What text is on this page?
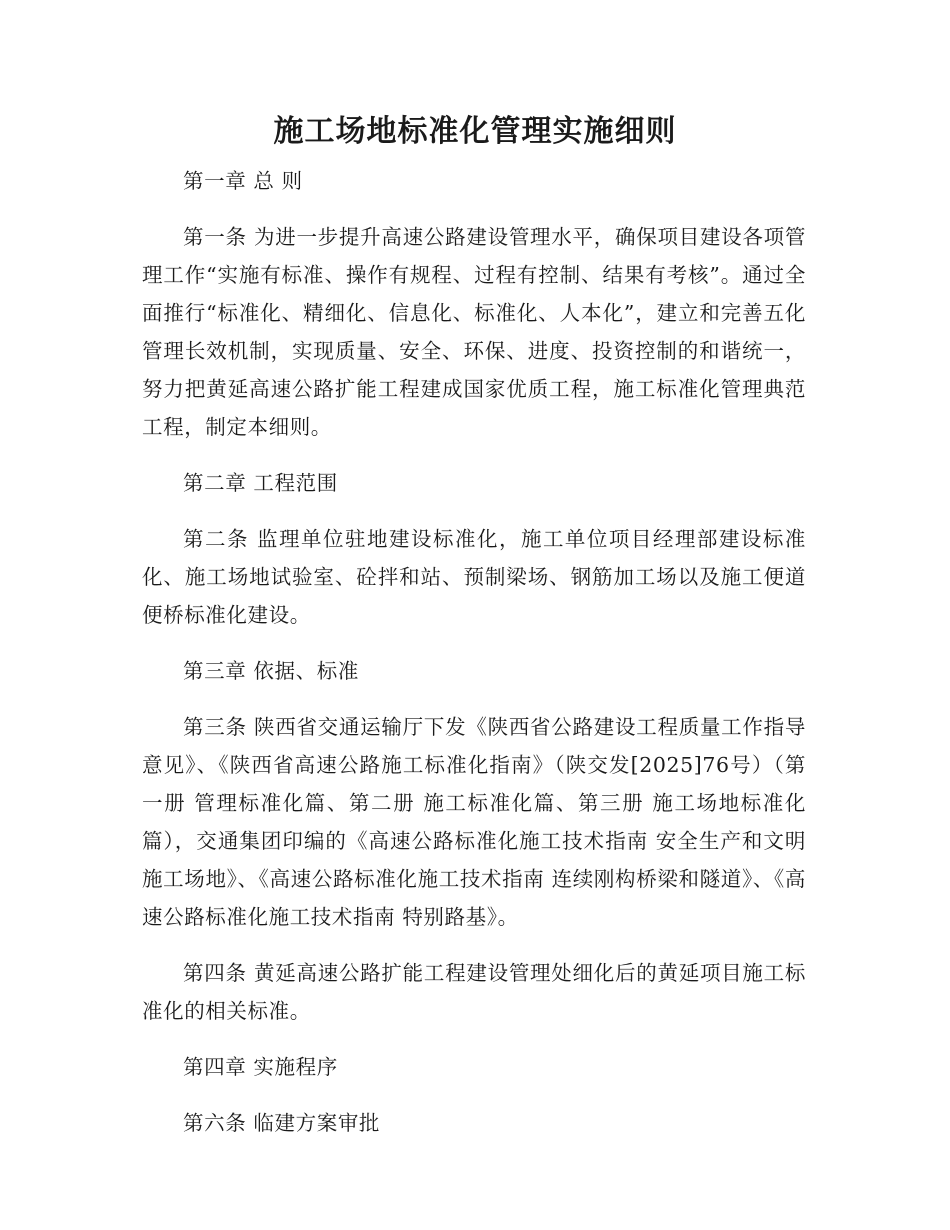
施工场地标准化管理实施细则

第一章 总 则

第一条 为进一步提升高速公路建设管理水平，确保项目建设各项管理工作“实施有标准、操作有规程、过程有控制、结果有考核”。通过全面推行“标准化、精细化、信息化、标准化、人本化”，建立和完善五化管理长效机制，实现质量、安全、环保、进度、投资控制的和谐统一，努力把黄延高速公路扩能工程建成国家优质工程，施工标准化管理典范工程，制定本细则。

第二章 工程范围

第二条 监理单位驻地建设标准化，施工单位项目经理部建设标准化、施工场地试验室、砼拌和站、预制梁场、钢筋加工场以及施工便道便桥标准化建设。

第三章 依据、标准

第三条 陕西省交通运输厅下发《陕西省公路建设工程质量工作指导意见》、《陕西省高速公路施工标准化指南》（陕交发[2025]76号）（第一册 管理标准化篇、第二册 施工标准化篇、第三册 施工场地标准化篇），交通集团印编的《高速公路标准化施工技术指南 安全生产和文明施工场地》、《高速公路标准化施工技术指南 连续刚构桥梁和隧道》、《高速公路标准化施工技术指南 特别路基》。

第四条 黄延高速公路扩能工程建设管理处细化后的黄延项目施工标准化的相关标准。

第四章 实施程序

第六条 临建方案审批
